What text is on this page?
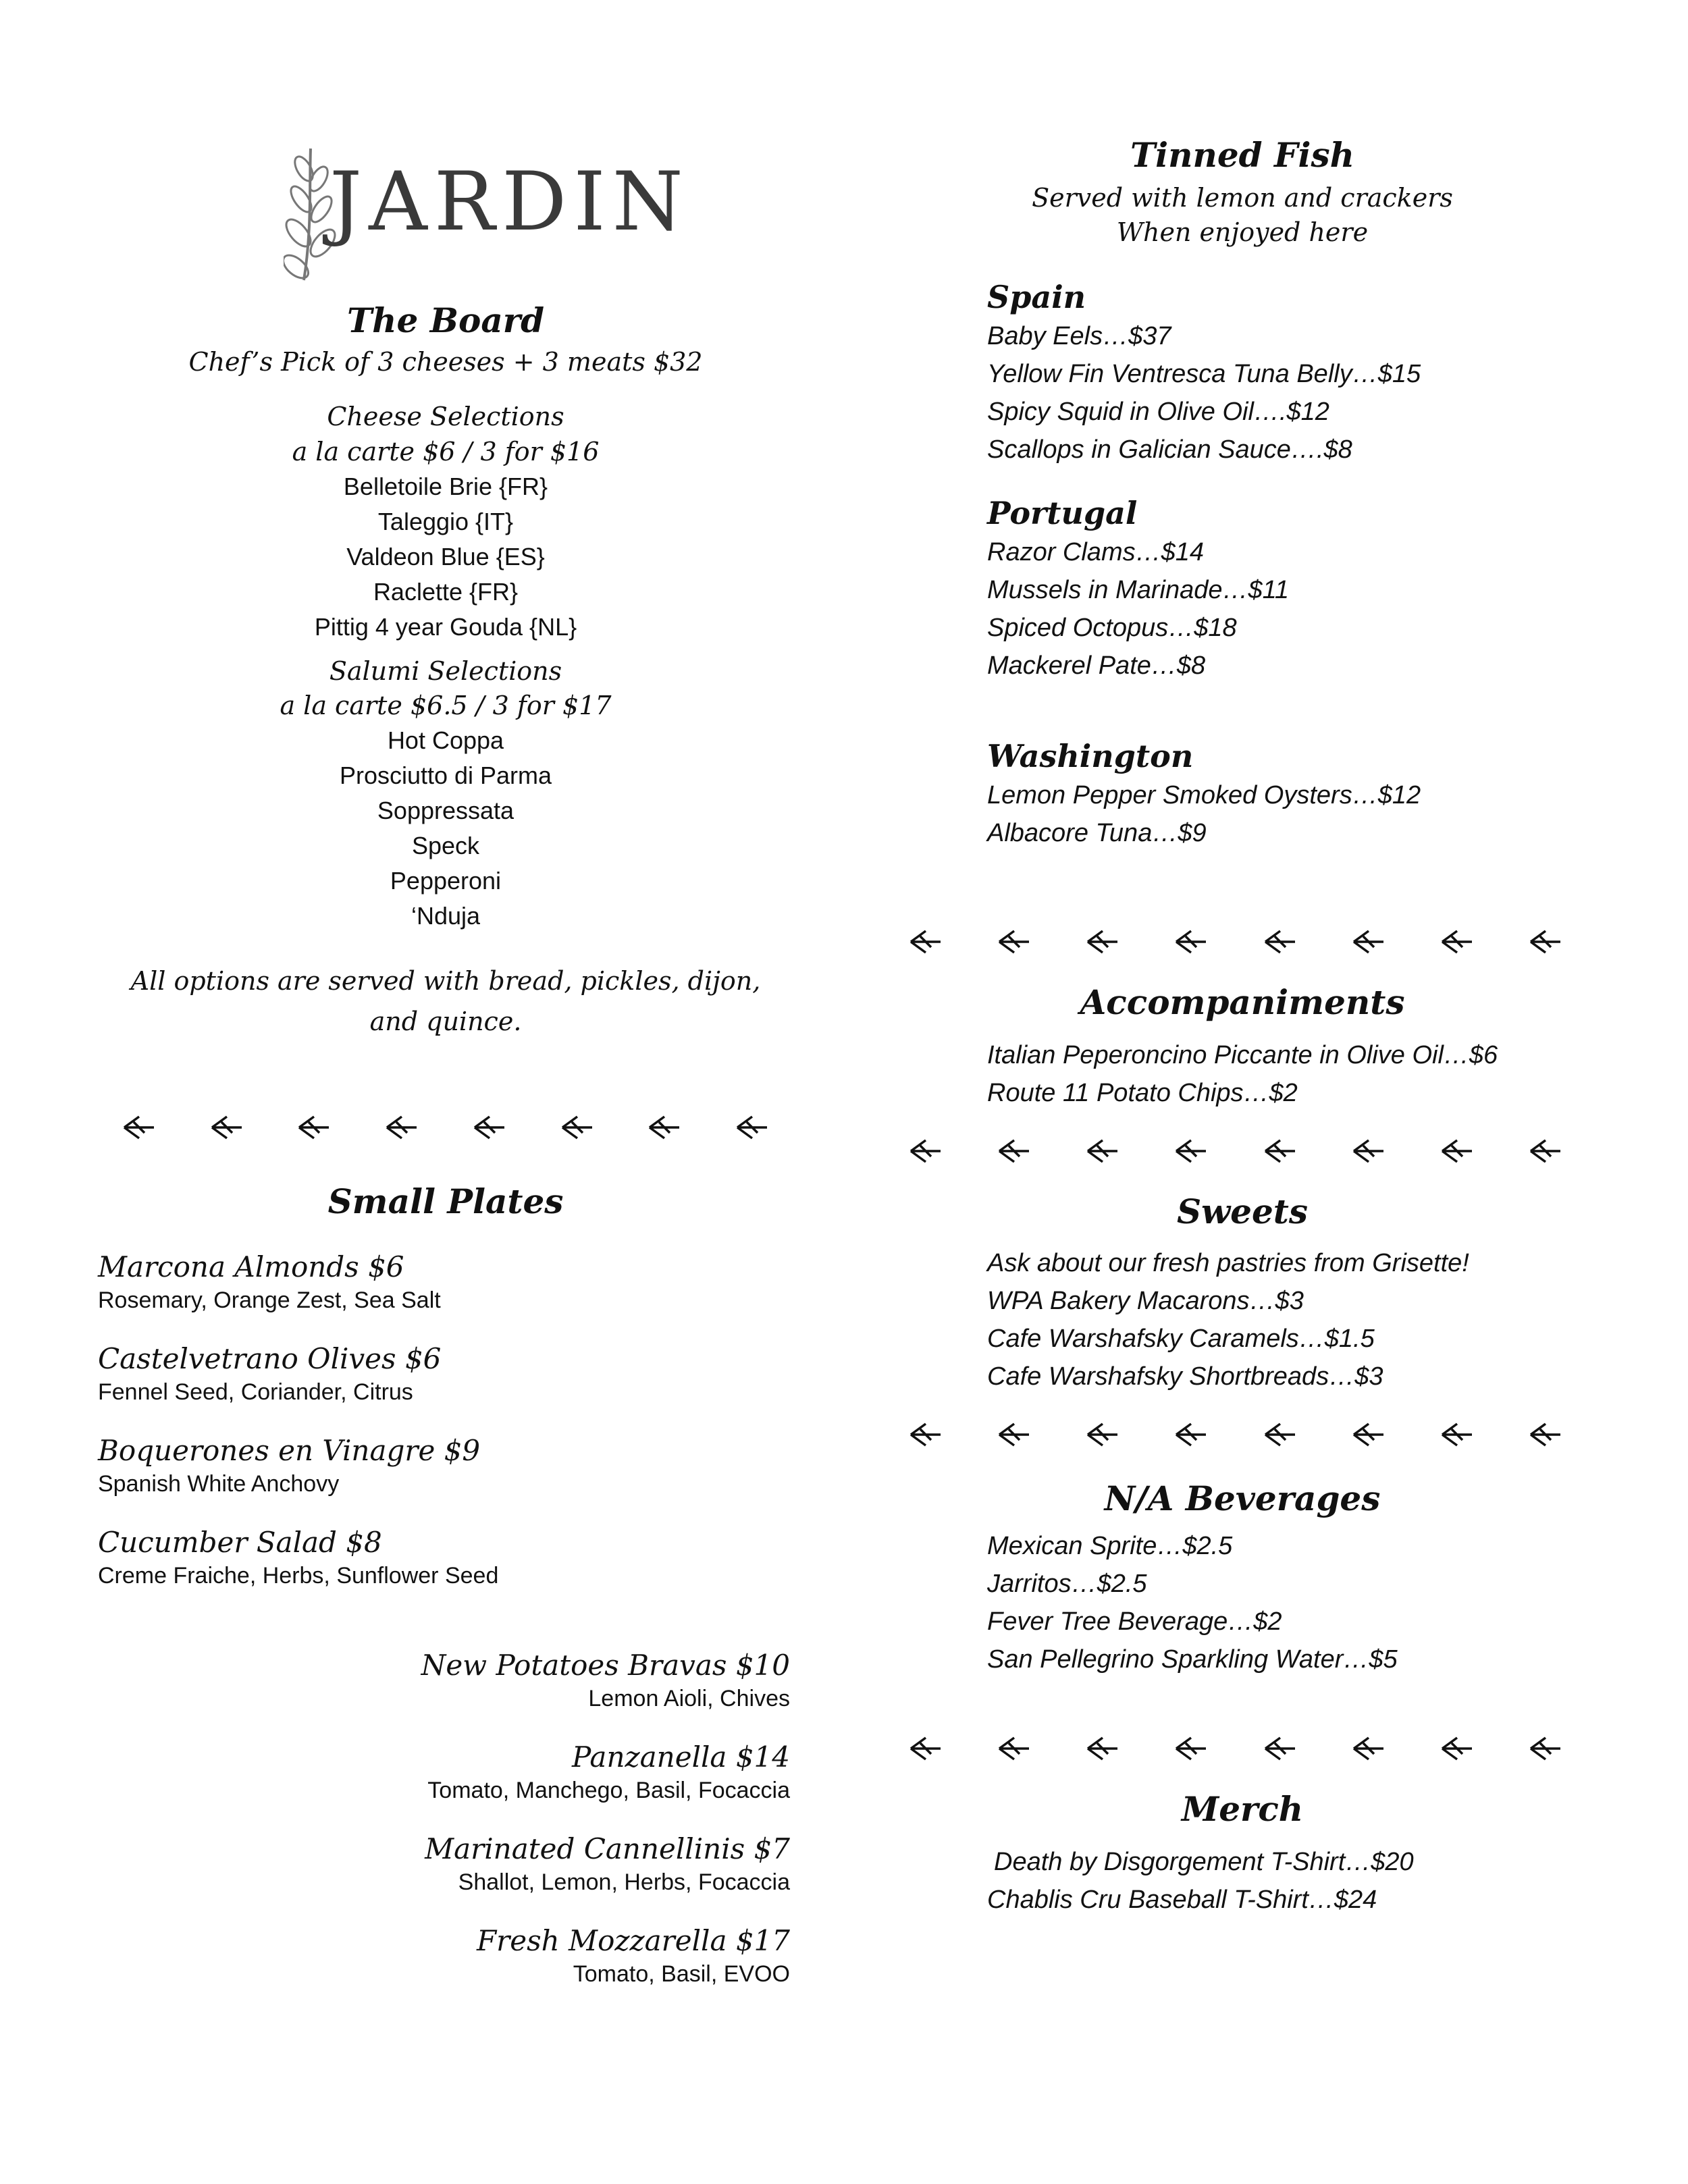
JARDIN
The Board
Chef’s Pick of 3 cheeses + 3 meats $32
Cheese Selections
a la carte $6 / 3 for $16
Belletoile Brie {FR}
Taleggio {IT}
Valdeon Blue {ES}
Raclette {FR}
Pittig 4 year Gouda {NL}
Salumi Selections
a la carte $6.5 / 3 for $17
Hot Coppa
Prosciutto di Parma
Soppressata
Speck
Pepperoni
‘Nduja
All options are served with bread, pickles, dijon, and quince.
Small Plates
Marcona Almonds $6
Rosemary, Orange Zest, Sea Salt
Castelvetrano Olives $6
Fennel Seed, Coriander, Citrus
Boquerones en Vinagre $9
Spanish White Anchovy
Cucumber Salad $8
Creme Fraiche, Herbs, Sunflower Seed
New Potatoes Bravas $10
Lemon Aioli, Chives
Panzanella $14
Tomato, Manchego, Basil, Focaccia
Marinated Cannellinis $7
Shallot, Lemon, Herbs, Focaccia
Fresh Mozzarella $17
Tomato, Basil, EVOO
Tinned Fish
Served with lemon and crackers
When enjoyed here
Spain
Baby Eels…$37
Yellow Fin Ventresca Tuna Belly…$15
Spicy Squid in Olive Oil….$12
Scallops in Galician Sauce….$8
Portugal
Razor Clams…$14
Mussels in Marinade…$11
Spiced Octopus…$18
Mackerel Pate…$8
Washington
Lemon Pepper Smoked Oysters…$12
Albacore Tuna…$9
Accompaniments
Italian Peperoncino Piccante in Olive Oil…$6
Route 11 Potato Chips…$2
Sweets
Ask about our fresh pastries from Grisette!
WPA Bakery Macarons…$3
Cafe Warshafsky Caramels…$1.5
Cafe Warshafsky Shortbreads…$3
N/A Beverages
Mexican Sprite…$2.5
Jarritos…$2.5
Fever Tree Beverage…$2
San Pellegrino Sparkling Water…$5
Merch
Death by Disgorgement T-Shirt…$20
Chablis Cru Baseball T-Shirt…$24
